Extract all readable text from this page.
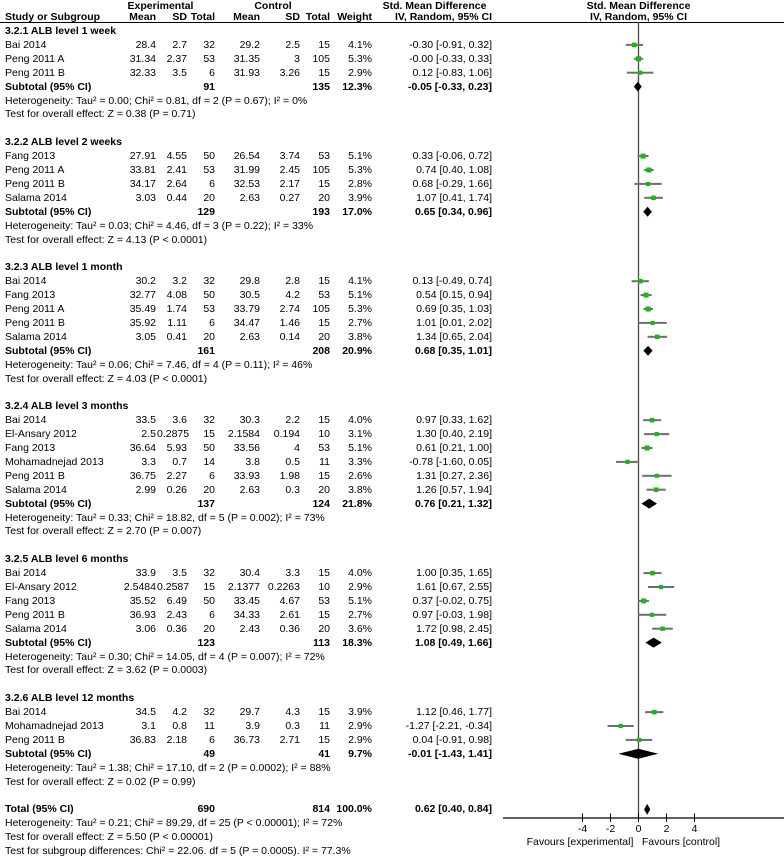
Experimental	Control	Std. Mean Difference	Std. Mean Difference
Study or Subgroup	Mean	SD Total	Mean	SD Total Weight	IV, Random, 95% CI	IV, Random, 95% CI
3.2.1 ALB level 1 week
Bai 2014	28.4	2.7	32	29.2	2.5	15	4.1%	-0.30 [-0.91, 0.32]
Peng 2011 A	31.34	2.37	53	31.35	3	105	5.3%	-0.00 [-0.33, 0.33]
Peng 2011 B	32.33	3.5	6	31.93	3.26	15	2.9%	0.12 [-0.83, 1.06]
Subtotal (95% CI)	91	135	12.3%	-0.05 [-0.33, 0.23]
Heterogeneity: Tau² = 0.00; Chi² = 0.81, df = 2 (P = 0.67); I² = 0%
Test for overall effect: Z = 0.38 (P = 0.71)
3.2.2 ALB level 2 weeks
Fang 2013	27.91	4.55	50	26.54	3.74	53	5.1%	0.33 [-0.06, 0.72]
Peng 2011 A	33.81	2.41	53	31.99	2.45	105	5.3%	0.74 [0.40, 1.08]
Peng 2011 B	34.17	2.64	6	32.53	2.17	15	2.8%	0.68 [-0.29, 1.66]
Salama 2014	3.03	0.44	20	2.63	0.27	20	3.9%	1.07 [0.41, 1.74]
Subtotal (95% CI)	129	193	17.0%	0.65 [0.34, 0.96]
Heterogeneity: Tau² = 0.03; Chi² = 4.46, df = 3 (P = 0.22); I² = 33%
Test for overall effect: Z = 4.13 (P < 0.0001)
3.2.3 ALB level 1 month
Bai 2014	30.2	3.2	32	29.8	2.8	15	4.1%	0.13 [-0.49, 0.74]
Fang 2013	32.77	4.08	50	30.5	4.2	53	5.1%	0.54 [0.15, 0.94]
Peng 2011 A	35.49	1.74	53	33.79	2.74	105	5.3%	0.69 [0.35, 1.03]
Peng 2011 B	35.92	1.11	6	34.47	1.46	15	2.7%	1.01 [0.01, 2.02]
Salama 2014	3.05	0.41	20	2.63	0.14	20	3.8%	1.34 [0.65, 2.04]
Subtotal (95% CI)	161	208	20.9%	0.68 [0.35, 1.01]
Heterogeneity: Tau² = 0.06; Chi² = 7.46, df = 4 (P = 0.11); I² = 46%
Test for overall effect: Z = 4.03 (P < 0.0001)
3.2.4 ALB level 3 months
Bai 2014	33.5	3.6	32	30.3	2.2	15	4.0%	0.97 [0.33, 1.62]
El-Ansary 2012	2.5 0.2875	15	2.1584	0.194	10	3.1%	1.30 [0.40, 2.19]
Fang 2013	36.64	5.93	50	33.56	4	53	5.1%	0.61 [0.21, 1.00]
Mohamadnejad 2013	3.3	0.7	14	3.8	0.5	11	3.3%	-0.78 [-1.60, 0.05]
Peng 2011 B	36.75	2.27	6	33.93	1.98	15	2.6%	1.31 [0.27, 2.36]
Salama 2014	2.99	0.26	20	2.63	0.3	20	3.8%	1.26 [0.57, 1.94]
Subtotal (95% CI)	137	124	21.8%	0.76 [0.21, 1.32]
Heterogeneity: Tau² = 0.33; Chi² = 18.82, df = 5 (P = 0.002); I² = 73%
Test for overall effect: Z = 2.70 (P = 0.007)
3.2.5 ALB level 6 months
Bai 2014	33.9	3.5	32	30.4	3.3	15	4.0%	1.00 [0.35, 1.65]
El-Ansary 2012	2.5484 0.2587	15	2.1377 0.2263	10	2.9%	1.61 [0.67, 2.55]
Fang 2013	35.52	6.49	50	33.45	4.67	53	5.1%	0.37 [-0.02, 0.75]
Peng 2011 B	36.93	2.43	6	34.33	2.61	15	2.7%	0.97 [-0.03, 1.98]
Salama 2014	3.06	0.36	20	2.43	0.36	20	3.6%	1.72 [0.98, 2.45]
Subtotal (95% CI)	123	113	18.3%	1.08 [0.49, 1.66]
Heterogeneity: Tau² = 0.30; Chi² = 14.05, df = 4 (P = 0.007); I² = 72%
Test for overall effect: Z = 3.62 (P = 0.0003)
3.2.6 ALB level 12 months
Bai 2014	34.5	4.2	32	29.7	4.3	15	3.9%	1.12 [0.46, 1.77]
Mohamadnejad 2013	3.1	0.8	11	3.9	0.3	11	2.9%	-1.27 [-2.21, -0.34]
Peng 2011 B	36.83	2.18	6	36.73	2.71	15	2.9%	0.04 [-0.91, 0.98]
Subtotal (95% CI)	49	41	9.7%	-0.01 [-1.43, 1.41]
Heterogeneity: Tau² = 1.38; Chi² = 17.10, df = 2 (P = 0.0002); I² = 88%
Test for overall effect: Z = 0.02 (P = 0.99)
Total (95% CI)	690	814 100.0%	0.62 [0.40, 0.84]
Heterogeneity: Tau² = 0.21; Chi² = 89.29, df = 25 (P < 0.00001); I² = 72%
Test for overall effect: Z = 5.50 (P < 0.00001)
Test for subgroup differences: Chi² = 22.06. df = 5 (P = 0.0005). I² = 77.3%
-4 -2 0 2 4
Favours [experimental] Favours [control]
